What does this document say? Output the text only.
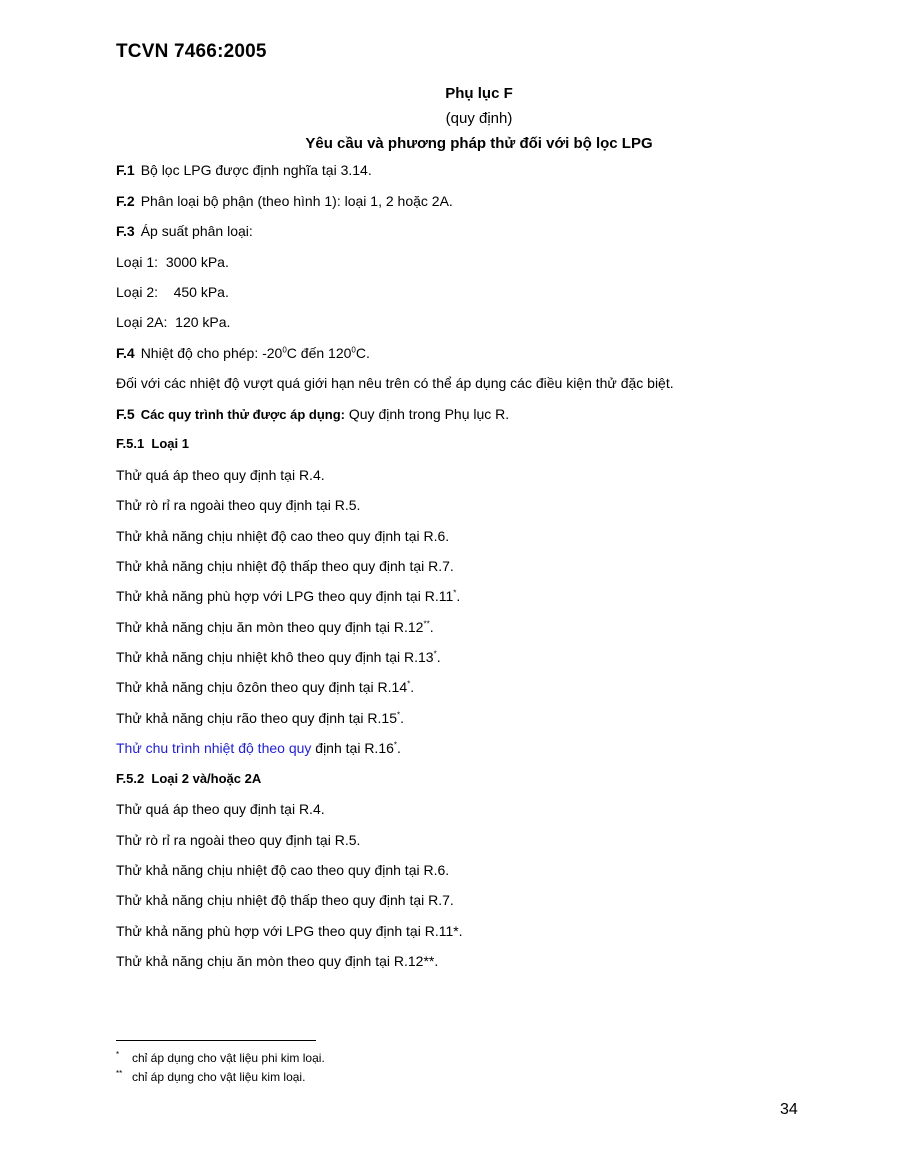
TCVN 7466:2005
Phụ lục F
(quy định)
Yêu cầu và phương pháp thử đối với bộ lọc LPG
F.1 Bộ lọc LPG được định nghĩa tại 3.14.
F.2 Phân loại bộ phận (theo hình 1): loại 1, 2 hoặc 2A.
F.3 Áp suất phân loại:
Loại 1:  3000 kPa.
Loại 2:    450 kPa.
Loại 2A:  120 kPa.
F.4 Nhiệt độ cho phép: $-20^0C$ đến $120^0C$.
Đối với các nhiệt độ vượt quá giới hạn nêu trên có thể áp dụng các điều kiện thử đặc biệt.
F.5 Các quy trình thử được áp dụng: Quy định trong Phụ lục R.
F.5.1 Loại 1
Thử quá áp theo quy định tại R.4.
Thử rò rỉ ra ngoài theo quy định tại R.5.
Thử khả năng chịu nhiệt độ cao theo quy định tại R.6.
Thử khả năng chịu nhiệt độ thấp theo quy định tại R.7.
Thử khả năng phù hợp với LPG theo quy định tại R.11*.
Thử khả năng chịu ăn mòn theo quy định tại R.12**.
Thử khả năng chịu nhiệt khô theo quy định tại R.13*.
Thử khả năng chịu ôzôn theo quy định tại R.14*.
Thử khả năng chịu rão theo quy định tại R.15*.
Thử chu trình nhiệt độ theo quy định tại R.16*.
F.5.2 Loại 2 và/hoặc 2A
Thử quá áp theo quy định tại R.4.
Thử rò rỉ ra ngoài theo quy định tại R.5.
Thử khả năng chịu nhiệt độ cao theo quy định tại R.6.
Thử khả năng chịu nhiệt độ thấp theo quy định tại R.7.
Thử khả năng phù hợp với LPG theo quy định tại R.11*.
Thử khả năng chịu ăn mòn theo quy định tại R.12**.
* chỉ áp dụng cho vật liệu phi kim loại.
** chỉ áp dụng cho vật liệu kim loại.
34
